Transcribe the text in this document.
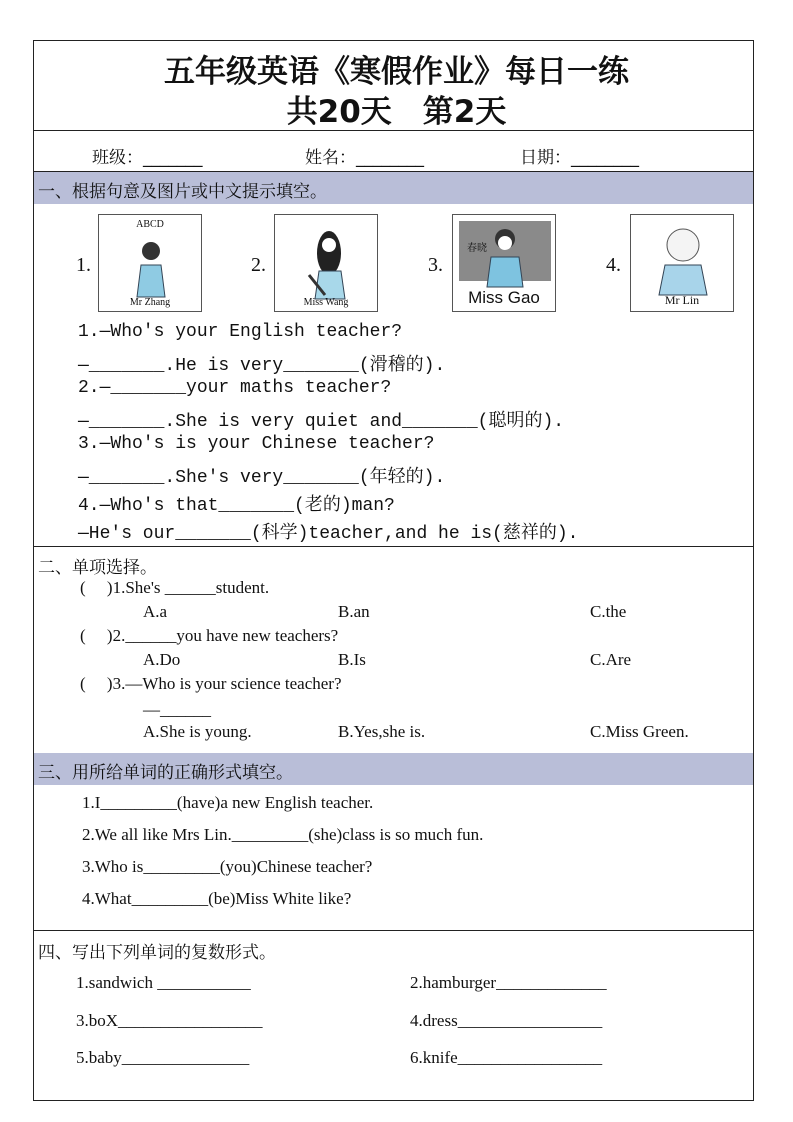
五年级英语《寒假作业》每日一练
共20天　第2天
班级：_______	姓名：________	日期：________
一、根据句意及图片或中文提示填空。
1.
ABCD
Mr Zhang
2.
Miss Wang
3.
春晓
Miss Gao
4.
Mr Lin
1.—Who's your English teacher?
—_______.He is very_______(滑稽的).
2.—_______your maths teacher?
—_______.She is very quiet and_______(聪明的).
3.—Who's is your Chinese teacher?
—_______.She's very_______(年轻的).
4.—Who's that_______(老的)man?
—He's our_______(科学)teacher,and he is(慈祥的).
二、单项选择。
(     )1.She's ______student.
A.a	B.an	C.the
(     )2.______you have new teachers?
A.Do	B.Is	C.Are
(     )3.—Who is your science teacher?
—______
A.She is young.	B.Yes,she is.	C.Miss Green.
三、用所给单词的正确形式填空。
1.I_________(have)a new English teacher.
2.We all like Mrs Lin._________(she)class is so much fun.
3.Who is_________(you)Chinese teacher?
4.What_________(be)Miss White like?
四、写出下列单词的复数形式。
1.sandwich ___________	2.hamburger_____________
3.boX_________________	4.dress_________________
5.baby_______________	6.knife_________________
